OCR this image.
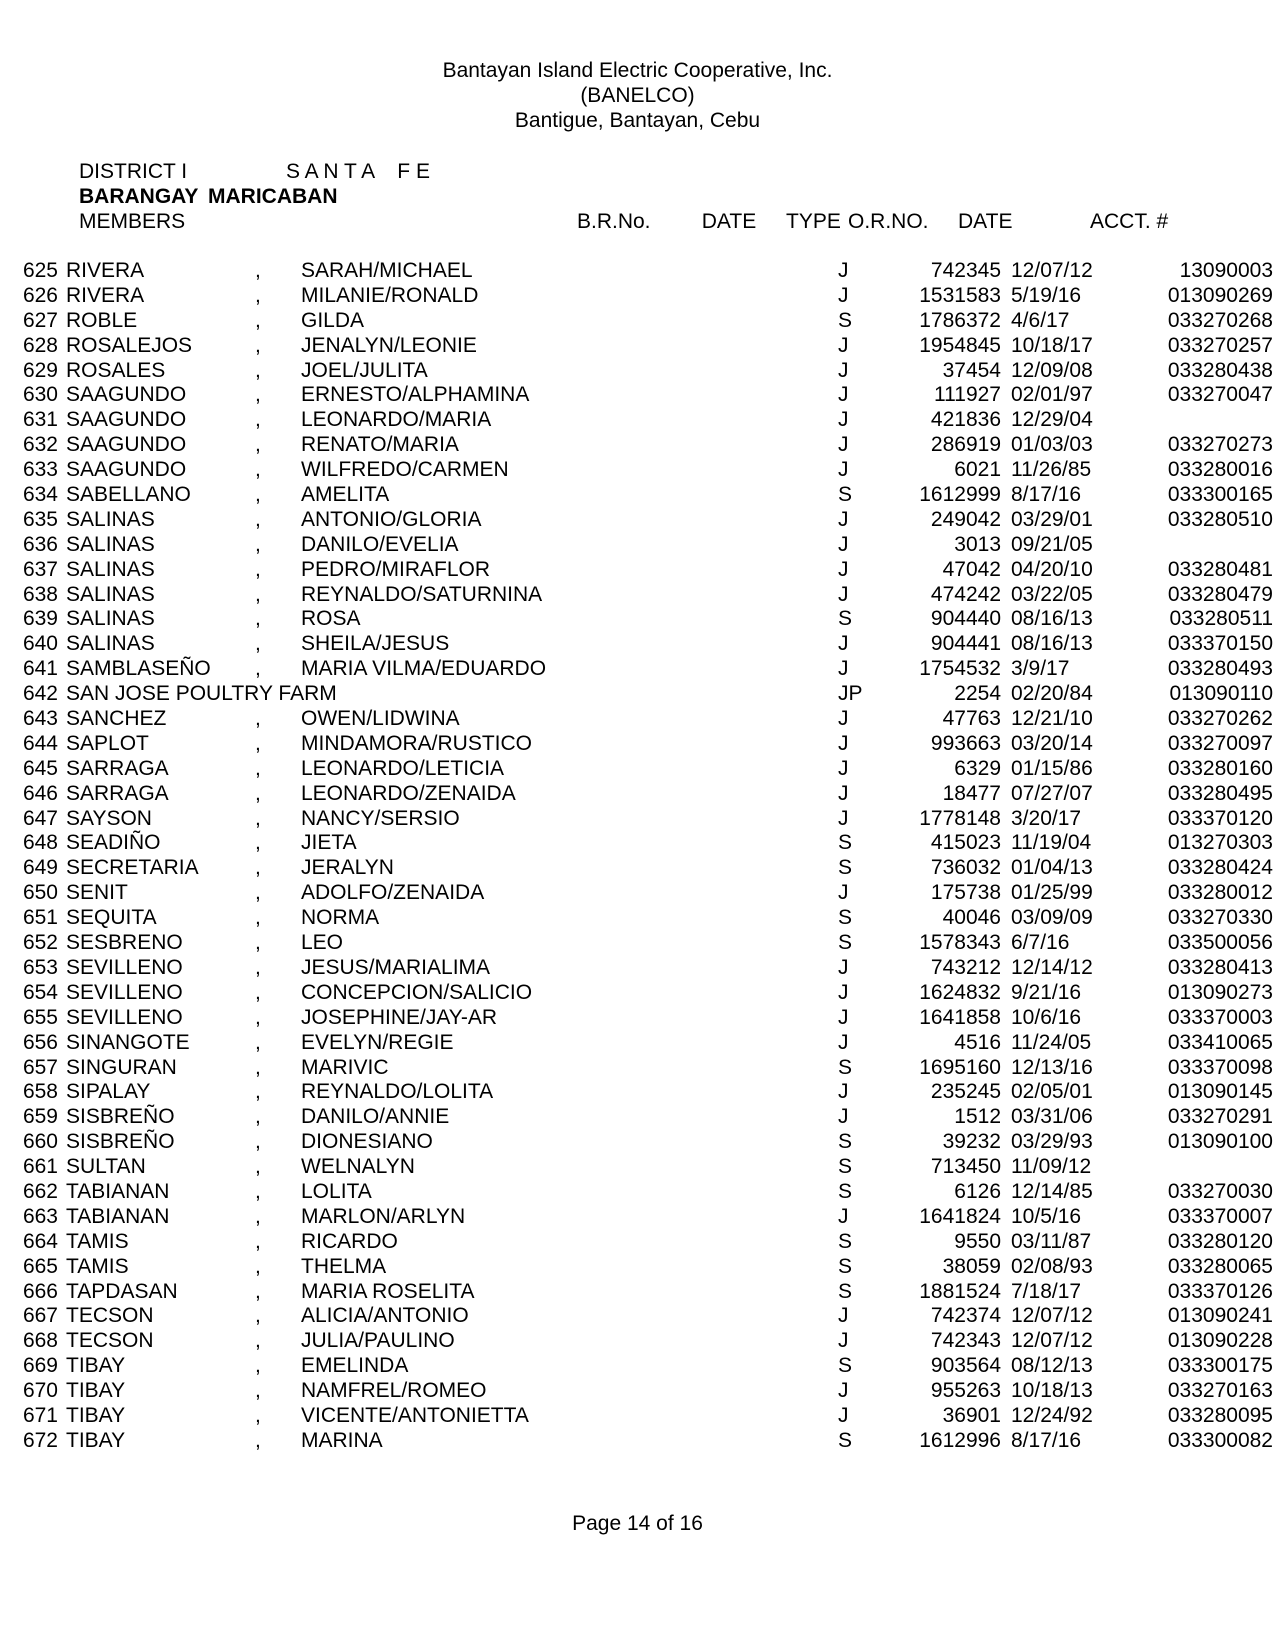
Bantayan Island Electric Cooperative, Inc.
(BANELCO)
Bantigue, Bantayan, Cebu
DISTRICT I	S A N T A    F E
BARANGAY MARICABAN
MEMBERS	B.R.No.	DATE	TYPE O.R.NO.	DATE	ACCT. #
625 RIVERA	,	SARAH/MICHAEL	J	742345 12/07/12	13090003
626 RIVERA	,	MILANIE/RONALD	J	1531583 5/19/16	013090269
627 ROBLE	,	GILDA	S	1786372 4/6/17	033270268
628 ROSALEJOS	,	JENALYN/LEONIE	J	1954845 10/18/17	033270257
629 ROSALES	,	JOEL/JULITA	J	37454 12/09/08	033280438
630 SAAGUNDO	,	ERNESTO/ALPHAMINA	J	111927 02/01/97	033270047
631 SAAGUNDO	,	LEONARDO/MARIA	J	421836 12/29/04
632 SAAGUNDO	,	RENATO/MARIA	J	286919 01/03/03	033270273
633 SAAGUNDO	,	WILFREDO/CARMEN	J	6021 11/26/85	033280016
634 SABELLANO	,	AMELITA	S	1612999 8/17/16	033300165
635 SALINAS	,	ANTONIO/GLORIA	J	249042 03/29/01	033280510
636 SALINAS	,	DANILO/EVELIA	J	3013 09/21/05
637 SALINAS	,	PEDRO/MIRAFLOR	J	47042 04/20/10	033280481
638 SALINAS	,	REYNALDO/SATURNINA	J	474242 03/22/05	033280479
639 SALINAS	,	ROSA	S	904440 08/16/13	033280511
640 SALINAS	,	SHEILA/JESUS	J	904441 08/16/13	033370150
641 SAMBLASEÑO	,	MARIA VILMA/EDUARDO	J	1754532 3/9/17	033280493
642 SAN JOSE POULTRY FARM	JP	2254 02/20/84	013090110
643 SANCHEZ	,	OWEN/LIDWINA	J	47763 12/21/10	033270262
644 SAPLOT	,	MINDAMORA/RUSTICO	J	993663 03/20/14	033270097
645 SARRAGA	,	LEONARDO/LETICIA	J	6329 01/15/86	033280160
646 SARRAGA	,	LEONARDO/ZENAIDA	J	18477 07/27/07	033280495
647 SAYSON	,	NANCY/SERSIO	J	1778148 3/20/17	033370120
648 SEADIÑO	,	JIETA	S	415023 11/19/04	013270303
649 SECRETARIA	,	JERALYN	S	736032 01/04/13	033280424
650 SENIT	,	ADOLFO/ZENAIDA	J	175738 01/25/99	033280012
651 SEQUITA	,	NORMA	S	40046 03/09/09	033270330
652 SESBRENO	,	LEO	S	1578343 6/7/16	033500056
653 SEVILLENO	,	JESUS/MARIALIMA	J	743212 12/14/12	033280413
654 SEVILLENO	,	CONCEPCION/SALICIO	J	1624832 9/21/16	013090273
655 SEVILLENO	,	JOSEPHINE/JAY-AR	J	1641858 10/6/16	033370003
656 SINANGOTE	,	EVELYN/REGIE	J	4516 11/24/05	033410065
657 SINGURAN	,	MARIVIC	S	1695160 12/13/16	033370098
658 SIPALAY	,	REYNALDO/LOLITA	J	235245 02/05/01	013090145
659 SISBREÑO	,	DANILO/ANNIE	J	1512 03/31/06	033270291
660 SISBREÑO	,	DIONESIANO	S	39232 03/29/93	013090100
661 SULTAN	,	WELNALYN	S	713450 11/09/12
662 TABIANAN	,	LOLITA	S	6126 12/14/85	033270030
663 TABIANAN	,	MARLON/ARLYN	J	1641824 10/5/16	033370007
664 TAMIS	,	RICARDO	S	9550 03/11/87	033280120
665 TAMIS	,	THELMA	S	38059 02/08/93	033280065
666 TAPDASAN	,	MARIA ROSELITA	S	1881524 7/18/17	033370126
667 TECSON	,	ALICIA/ANTONIO	J	742374 12/07/12	013090241
668 TECSON	,	JULIA/PAULINO	J	742343 12/07/12	013090228
669 TIBAY	,	EMELINDA	S	903564 08/12/13	033300175
670 TIBAY	,	NAMFREL/ROMEO	J	955263 10/18/13	033270163
671 TIBAY	,	VICENTE/ANTONIETTA	J	36901 12/24/92	033280095
672 TIBAY	,	MARINA	S	1612996 8/17/16	033300082
Page 14 of 16
